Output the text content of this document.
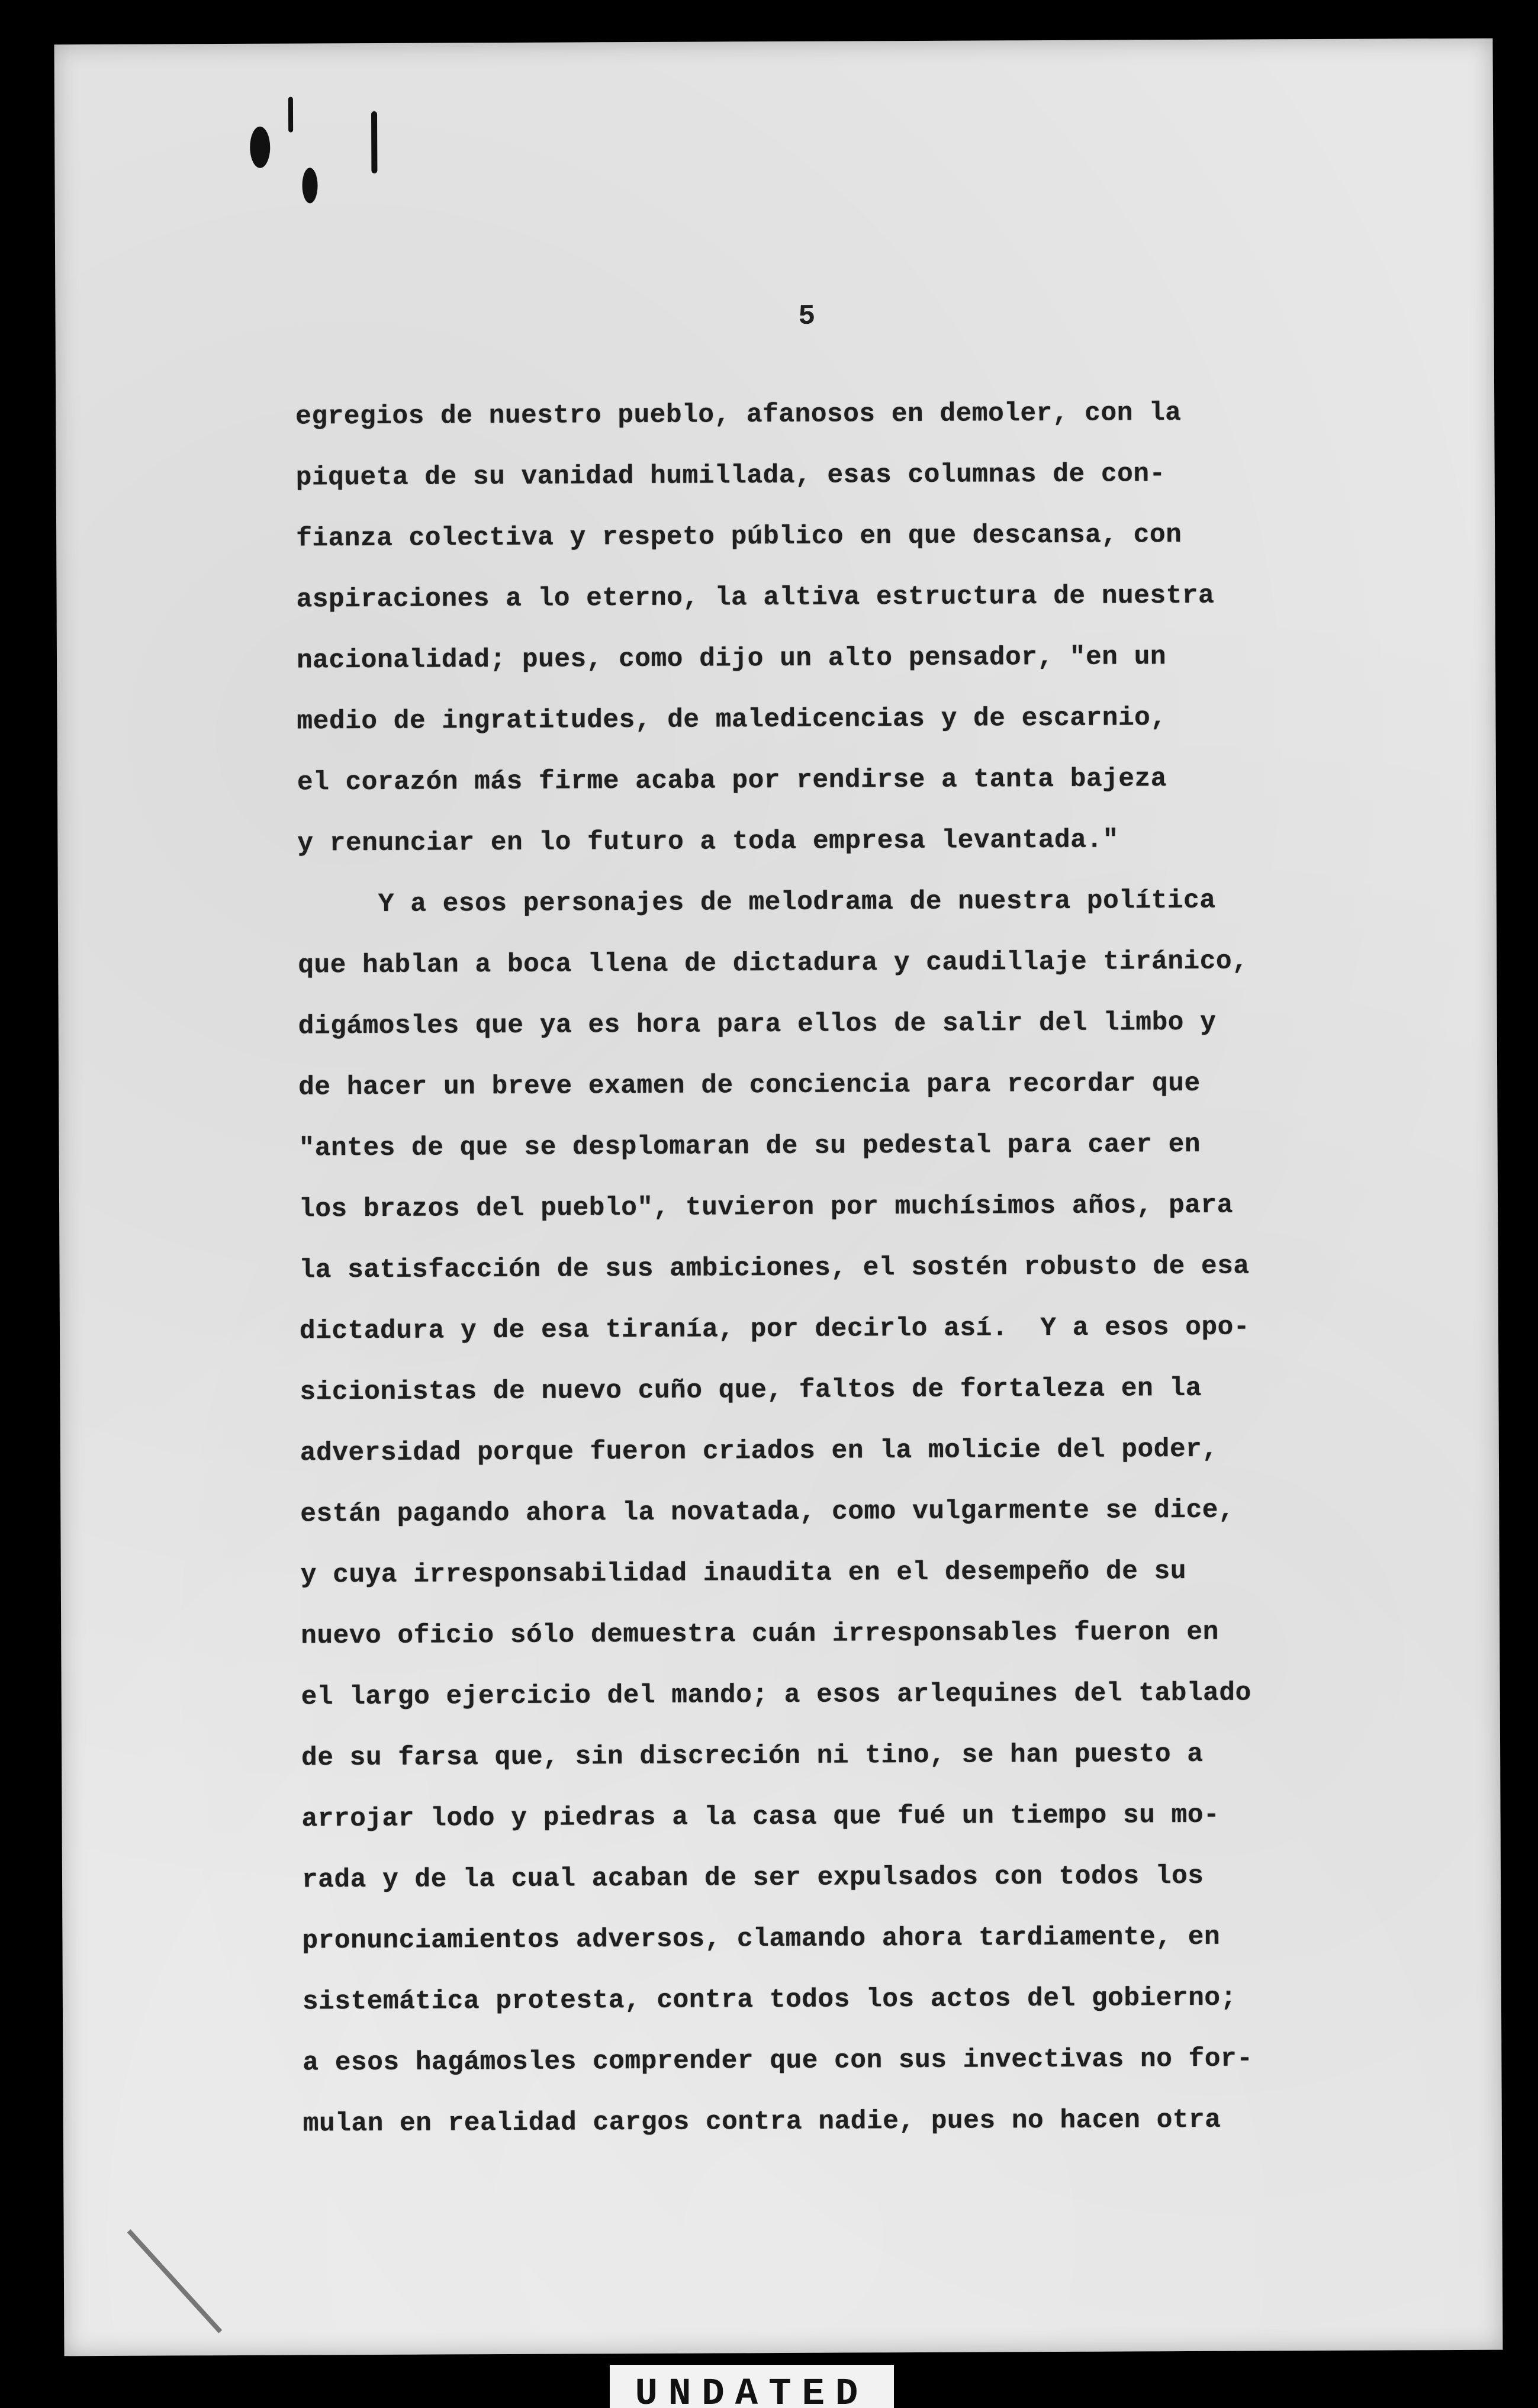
5
egregios de nuestro pueblo, afanosos en demoler, con la
piqueta de su vanidad humillada, esas columnas de con-
fianza colectiva y respeto público en que descansa, con
aspiraciones a lo eterno, la altiva estructura de nuestra
nacionalidad; pues, como dijo un alto pensador, "en un
medio de ingratitudes, de maledicencias y de escarnio,
el corazón más firme acaba por rendirse a tanta bajeza
y renunciar en lo futuro a toda empresa levantada."
Y a esos personajes de melodrama de nuestra política
que hablan a boca llena de dictadura y caudillaje tiránico,
digámosles que ya es hora para ellos de salir del limbo y
de hacer un breve examen de conciencia para recordar que
"antes de que se desplomaran de su pedestal para caer en
los brazos del pueblo", tuvieron por muchísimos años, para
la satisfacción de sus ambiciones, el sostén robusto de esa
dictadura y de esa tiranía, por decirlo así.  Y a esos opo-
sicionistas de nuevo cuño que, faltos de fortaleza en la
adversidad porque fueron criados en la molicie del poder,
están pagando ahora la novatada, como vulgarmente se dice,
y cuya irresponsabilidad inaudita en el desempeño de su
nuevo oficio sólo demuestra cuán irresponsables fueron en
el largo ejercicio del mando; a esos arlequines del tablado
de su farsa que, sin discreción ni tino, se han puesto a
arrojar lodo y piedras a la casa que fué un tiempo su mo-
rada y de la cual acaban de ser expulsados con todos los
pronunciamientos adversos, clamando ahora tardiamente, en
sistemática protesta, contra todos los actos del gobierno;
a esos hagámosles comprender que con sus invectivas no for-
mulan en realidad cargos contra nadie, pues no hacen otra
UNDATED
